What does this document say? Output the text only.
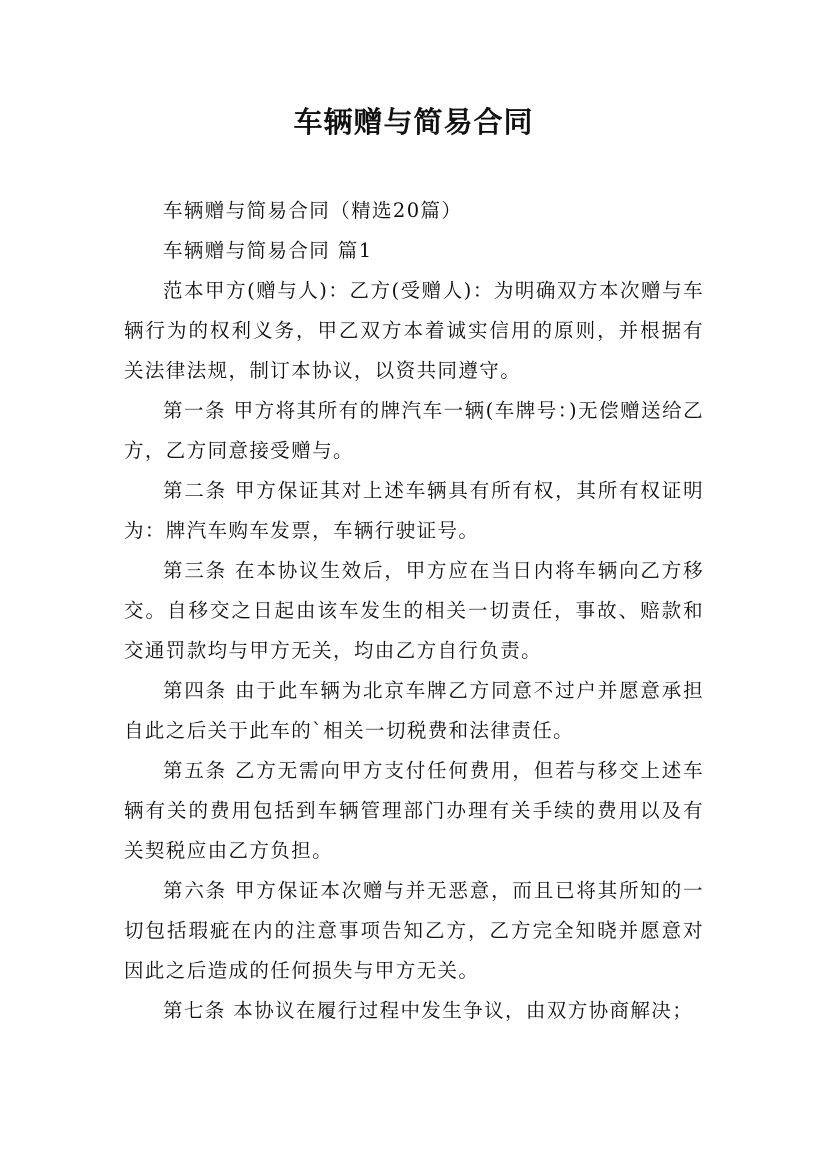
车辆赠与简易合同

车辆赠与简易合同（精选20篇）

车辆赠与简易合同 篇1

范本甲方(赠与人)：乙方(受赠人)：为明确双方本次赠与车辆行为的权利义务，甲乙双方本着诚实信用的原则，并根据有关法律法规，制订本协议，以资共同遵守。

第一条 甲方将其所有的牌汽车一辆(车牌号：)无偿赠送给乙方，乙方同意接受赠与。

第二条 甲方保证其对上述车辆具有所有权，其所有权证明为：牌汽车购车发票，车辆行驶证号。

第三条 在本协议生效后，甲方应在当日内将车辆向乙方移交。自移交之日起由该车发生的相关一切责任，事故、赔款和交通罚款均与甲方无关，均由乙方自行负责。

第四条 由于此车辆为北京车牌乙方同意不过户并愿意承担自此之后关于此车的`相关一切税费和法律责任。

第五条 乙方无需向甲方支付任何费用，但若与移交上述车辆有关的费用包括到车辆管理部门办理有关手续的费用以及有关契税应由乙方负担。

第六条 甲方保证本次赠与并无恶意，而且已将其所知的一切包括瑕疵在内的注意事项告知乙方，乙方完全知晓并愿意对因此之后造成的任何损失与甲方无关。

第七条 本协议在履行过程中发生争议，由双方协商解决；
